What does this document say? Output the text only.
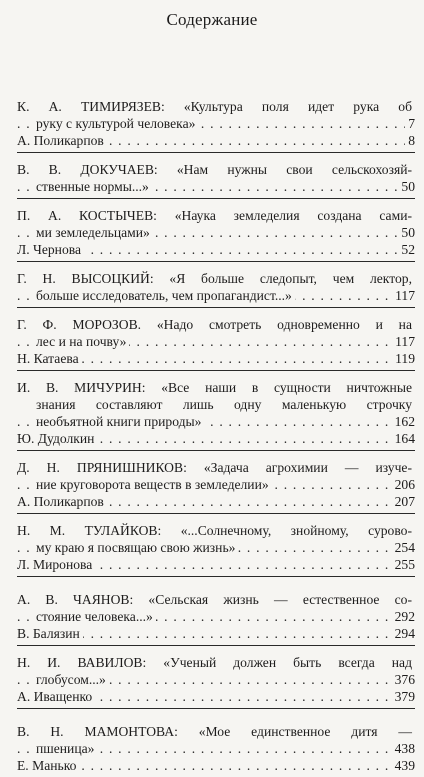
Содержание
К. А. ТИМИРЯЗЕВ: «Культура поля идет рука об
руку с культурой человека»	7
. . .
А. Поликарпов	8
. . .
В. В. ДОКУЧАЕВ: «Нам нужны свои сельскохозяй-
ственные нормы...»	50
. . .
П. А. КОСТЫЧЕВ: «Наука земледелия создана сами-
ми земледельцами»	50
. . .
Л. Чернова	52
. . .
Г. Н. ВЫСОЦКИЙ: «Я больше следопыт, чем лектор,
больше исследователь, чем пропагандист...»	117
. . .
Г. Ф. МОРОЗОВ. «Надо смотреть одновременно и на
лес и на почву»	117
. . .
Н. Катаева	119
. . .
И. В. МИЧУРИН: «Все наши в сущности ничтожные
знания составляют лишь одну маленькую строчку
необъятной книги природы»	162
. . .
Ю. Дудолкин	164
. . .
Д. Н. ПРЯНИШНИКОВ: «Задача агрохимии — изуче-
ние круговорота веществ в земледелии»	206
. . .
А. Поликарпов	207
. . .
Н. М. ТУЛАЙКОВ: «...Солнечному, знойному, сурово-
му краю я посвящаю свою жизнь»	254
. . .
Л. Миронова	255
. . .
А. В. ЧАЯНОВ: «Сельская жизнь — естественное со-
стояние человека...»	292
. . .
В. Балязин	294
. . .
Н. И. ВАВИЛОВ: «Ученый должен быть всегда над
глобусом...»	376
. . .
А. Иващенко	379
. . .
В. Н. МАМОНТОВА: «Мое единственное дитя —
пшеница»	438
. . .
Е. Манько	439
. . .
